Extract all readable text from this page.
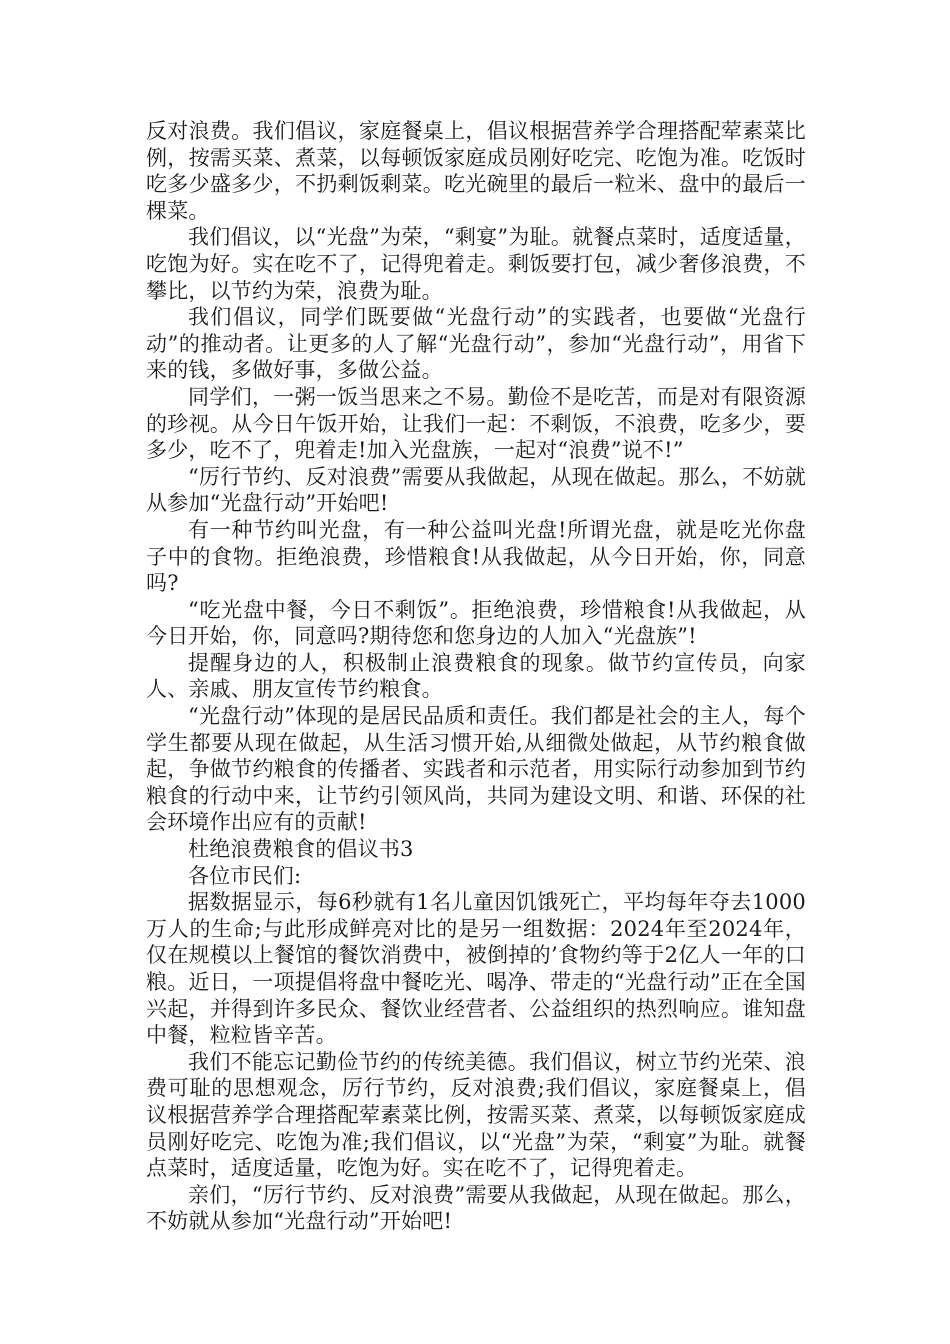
反对浪费。我们倡议，家庭餐桌上，倡议根据营养学合理搭配荤素菜比例，按需买菜、煮菜，以每顿饭家庭成员刚好吃完、吃饱为准。吃饭时吃多少盛多少，不扔剩饭剩菜。吃光碗里的最后一粒米、盘中的最后一棵菜。

我们倡议，以“光盘”为荣，“剩宴”为耻。就餐点菜时，适度适量，吃饱为好。实在吃不了，记得兜着走。剩饭要打包，减少奢侈浪费，不攀比，以节约为荣，浪费为耻。

我们倡议，同学们既要做“光盘行动”的实践者，也要做“光盘行动”的推动者。让更多的人了解“光盘行动”，参加“光盘行动”，用省下来的钱，多做好事，多做公益。

同学们，一粥一饭当思来之不易。勤俭不是吃苦，而是对有限资源的珍视。从今日午饭开始，让我们一起：不剩饭，不浪费，吃多少，要多少，吃不了，兜着走!加入光盘族，一起对“浪费”说不!”

“厉行节约、反对浪费”需要从我做起，从现在做起。那么，不妨就从参加“光盘行动”开始吧!

有一种节约叫光盘，有一种公益叫光盘!所谓光盘，就是吃光你盘子中的食物。拒绝浪费，珍惜粮食!从我做起，从今日开始，你，同意吗?

“吃光盘中餐，今日不剩饭”。拒绝浪费，珍惜粮食!从我做起，从今日开始，你，同意吗?期待您和您身边的人加入“光盘族”!

提醒身边的人，积极制止浪费粮食的现象。做节约宣传员，向家人、亲戚、朋友宣传节约粮食。

“光盘行动”体现的是居民品质和责任。我们都是社会的主人，每个学生都要从现在做起，从生活习惯开始,从细微处做起，从节约粮食做起，争做节约粮食的传播者、实践者和示范者，用实际行动参加到节约粮食的行动中来，让节约引领风尚，共同为建设文明、和谐、环保的社会环境作出应有的贡献!

杜绝浪费粮食的倡议书3

各位市民们:

据数据显示，每6秒就有1名儿童因饥饿死亡，平均每年夺去1000万人的生命;与此形成鲜亮对比的是另一组数据：2024年至2024年，仅在规模以上餐馆的餐饮消费中，被倒掉的’食物约等于2亿人一年的口粮。近日，一项提倡将盘中餐吃光、喝净、带走的“光盘行动”正在全国兴起，并得到许多民众、餐饮业经营者、公益组织的热烈响应。谁知盘中餐，粒粒皆辛苦。

我们不能忘记勤俭节约的传统美德。我们倡议，树立节约光荣、浪费可耻的思想观念，厉行节约，反对浪费;我们倡议，家庭餐桌上，倡议根据营养学合理搭配荤素菜比例，按需买菜、煮菜，以每顿饭家庭成员刚好吃完、吃饱为准;我们倡议，以“光盘”为荣，“剩宴”为耻。就餐点菜时，适度适量，吃饱为好。实在吃不了，记得兜着走。

亲们，“厉行节约、反对浪费”需要从我做起，从现在做起。那么，不妨就从参加“光盘行动”开始吧!
